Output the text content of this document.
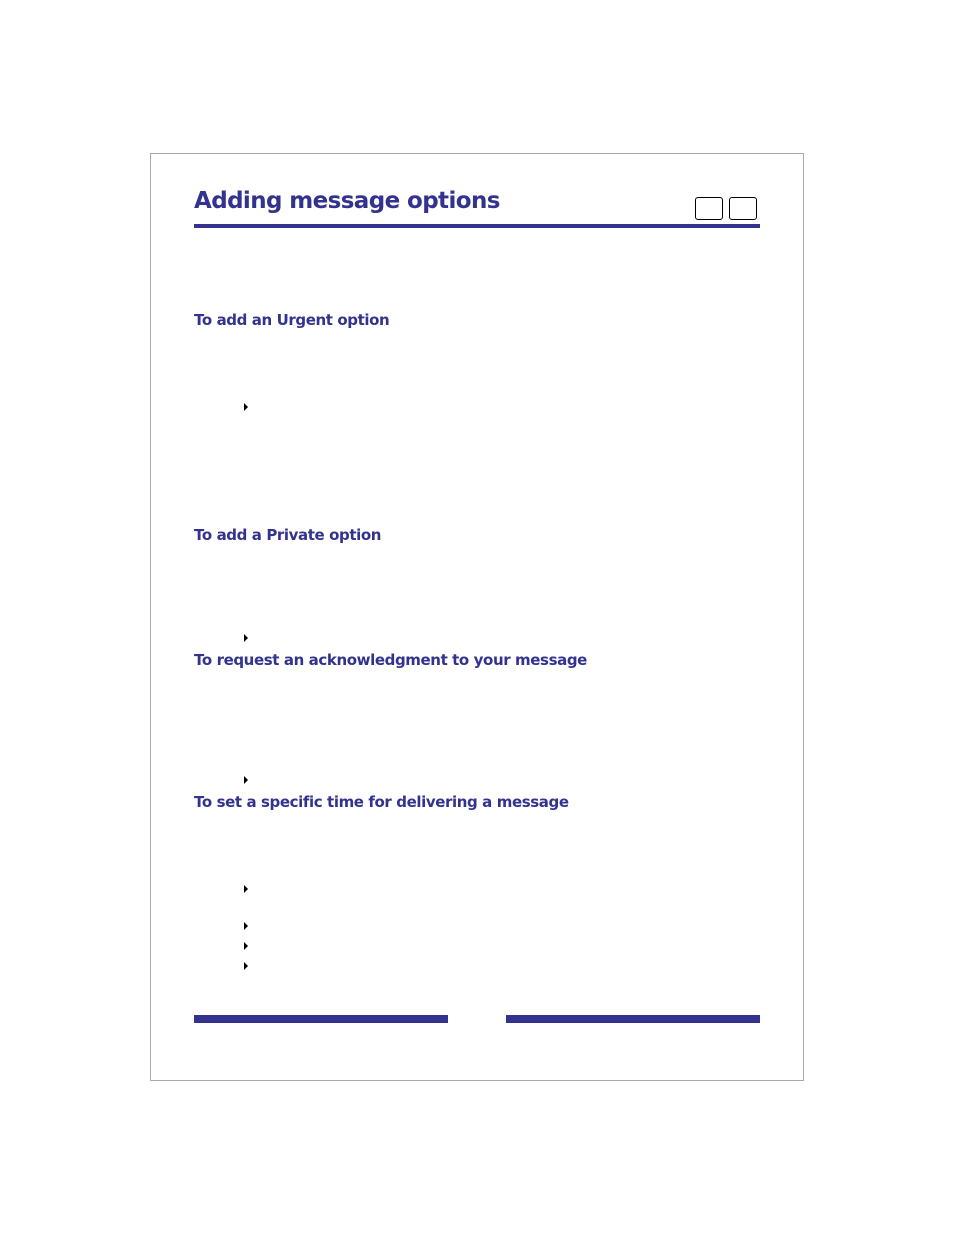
Adding message options
To add an Urgent option
To add a Private option
To request an acknowledgment to your message
To set a specific time for delivering a message
